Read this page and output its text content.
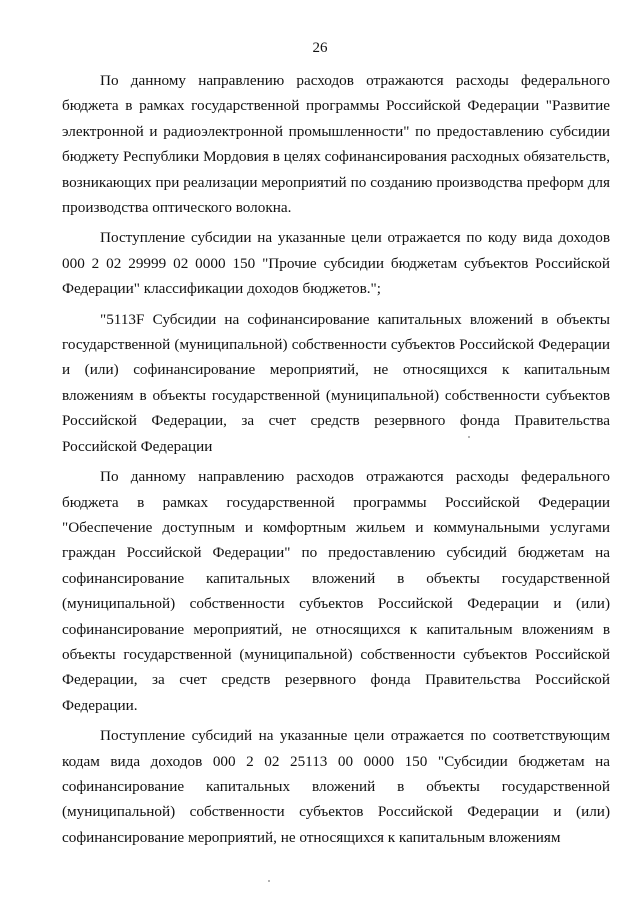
26

По данному направлению расходов отражаются расходы федерального бюджета в рамках государственной программы Российской Федерации "Развитие электронной и радиоэлектронной промышленности" по предоставлению субсидии бюджету Республики Мордовия в целях софинансирования расходных обязательств, возникающих при реализации мероприятий по созданию производства преформ для производства оптического волокна.

Поступление субсидии на указанные цели отражается по коду вида доходов 000 2 02 29999 02 0000 150 "Прочие субсидии бюджетам субъектов Российской Федерации" классификации доходов бюджетов.";

"5113F Субсидии на софинансирование капитальных вложений в объекты государственной (муниципальной) собственности субъектов Российской Федерации и (или) софинансирование мероприятий, не относящихся к капитальным вложениям в объекты государственной (муниципальной) собственности субъектов Российской Федерации, за счет средств резервного фонда Правительства Российской Федерации

По данному направлению расходов отражаются расходы федерального бюджета в рамках государственной программы Российской Федерации "Обеспечение доступным и комфортным жильем и коммунальными услугами граждан Российской Федерации" по предоставлению субсидий бюджетам на софинансирование капитальных вложений в объекты государственной (муниципальной) собственности субъектов Российской Федерации и (или) софинансирование мероприятий, не относящихся к капитальным вложениям в объекты государственной (муниципальной) собственности субъектов Российской Федерации, за счет средств резервного фонда Правительства Российской Федерации.

Поступление субсидий на указанные цели отражается по соответствующим кодам вида доходов 000 2 02 25113 00 0000 150 "Субсидии бюджетам на софинансирование капитальных вложений в объекты государственной (муниципальной) собственности субъектов Российской Федерации и (или) софинансирование мероприятий, не относящихся к капитальным вложениям
